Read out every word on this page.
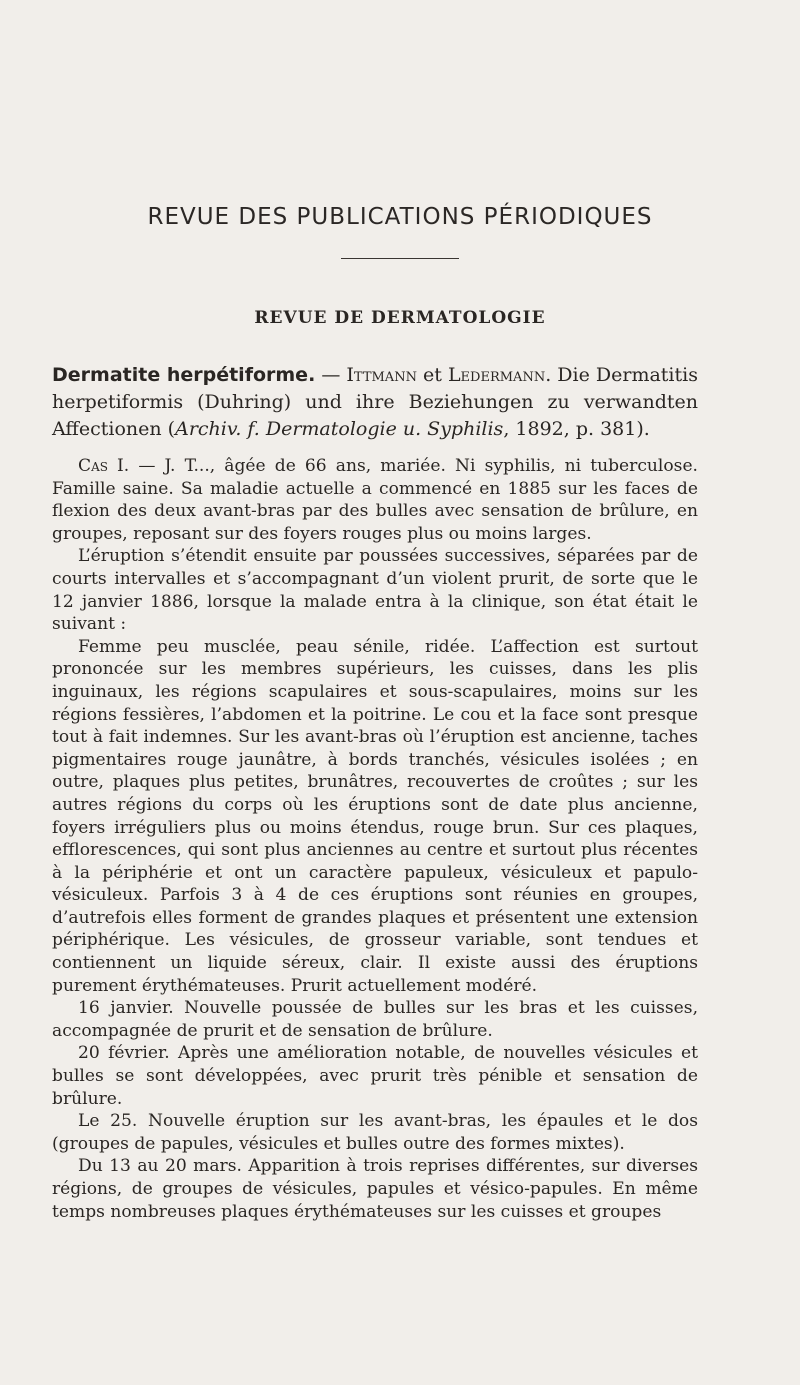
REVUE DES PUBLICATIONS PÉRIODIQUES
REVUE DE DERMATOLOGIE
Dermatite herpétiforme. — Ittmann et Ledermann. Die Dermatitis herpetiformis (Duhring) und ihre Beziehungen zu verwandten Affectionen (Archiv. f. Dermatologie u. Syphilis, 1892, p. 381).

Cas I. — J. T..., âgée de 66 ans, mariée. Ni syphilis, ni tuberculose. Famille saine. Sa maladie actuelle a commencé en 1885 sur les faces de flexion des deux avant-bras par des bulles avec sensation de brûlure, en groupes, reposant sur des foyers rouges plus ou moins larges.

L’éruption s’étendit ensuite par poussées successives, séparées par de courts intervalles et s’accompagnant d’un violent prurit, de sorte que le 12 janvier 1886, lorsque la malade entra à la clinique, son état était le suivant :

Femme peu musclée, peau sénile, ridée. L’affection est surtout prononcée sur les membres supérieurs, les cuisses, dans les plis inguinaux, les régions scapulaires et sous-scapulaires, moins sur les régions fessières, l’abdomen et la poitrine. Le cou et la face sont presque tout à fait indemnes. Sur les avant-bras où l’éruption est ancienne, taches pigmentaires rouge jaunâtre, à bords tranchés, vésicules isolées ; en outre, plaques plus petites, brunâtres, recouvertes de croûtes ; sur les autres régions du corps où les éruptions sont de date plus ancienne, foyers irréguliers plus ou moins étendus, rouge brun. Sur ces plaques, efflorescences, qui sont plus anciennes au centre et surtout plus récentes à la périphérie et ont un caractère papuleux, vésiculeux et papulo-vésiculeux. Parfois 3 à 4 de ces éruptions sont réunies en groupes, d’autrefois elles forment de grandes plaques et présentent une extension périphérique. Les vésicules, de grosseur variable, sont tendues et contiennent un liquide séreux, clair. Il existe aussi des éruptions purement érythémateuses. Prurit actuellement modéré.

16 janvier. Nouvelle poussée de bulles sur les bras et les cuisses, accompagnée de prurit et de sensation de brûlure.

20 février. Après une amélioration notable, de nouvelles vésicules et bulles se sont développées, avec prurit très pénible et sensation de brûlure.

Le 25. Nouvelle éruption sur les avant-bras, les épaules et le dos (groupes de papules, vésicules et bulles outre des formes mixtes).

Du 13 au 20 mars. Apparition à trois reprises différentes, sur diverses régions, de groupes de vésicules, papules et vésico-papules. En même temps nombreuses plaques érythémateuses sur les cuisses et groupes
